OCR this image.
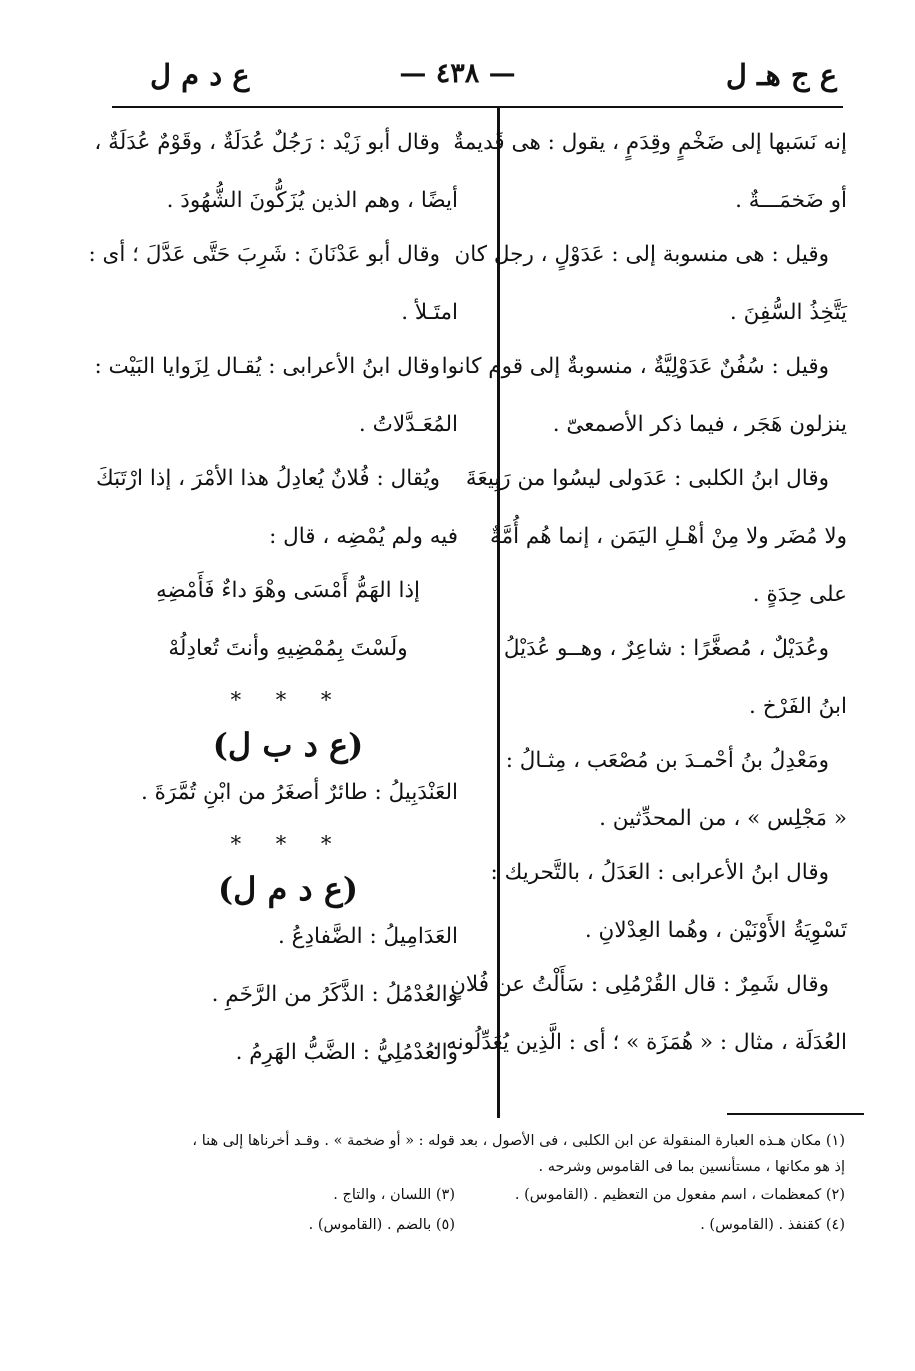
ع ج هـ ل
— ٤٣٨ —
ع د م ل
إنه نَسَبها إلى ضَخْمٍ وقِدَمٍ ، يقول : هى قَديمةٌ
أو ضَخمَـــةٌ .
وقيل : هى منسوبة إلى : عَدَوْلٍ ، رجل كان
يَتَّخِذُ السُّفِنَ .
وقيل : سُفُنٌ عَدَوْلِيَّةٌ ، منسوبةٌ إلى قوم كانوا
ينزلون هَجَر ، فيما ذكر الأصمعىّ .
وقال ابنُ الكلبى : عَدَولى ليسُوا من رَبِيعَةَ
ولا مُضَر ولا مِنْ أهْـلِ اليَمَن ، إنما هُم أُمَّةٌ
على حِدَةٍ .
وعُدَيْلٌ ، مُصغَّرًا : شاعِرٌ ، وهــو عُدَيْلُ
ابنُ الفَرْخ .
ومَعْدِلُ بنُ أحْمـدَ بن مُصْعَب ، مِثـالُ :
« مَجْلِس » ، من المحدِّثين .
وقال ابنُ الأعرابى : العَدَلُ ، بالتَّحريك :
تَسْوِيَةُ الأَوْنَيْن ، وهُما العِدْلانِ .
وقال شَمِرٌ : قال القُرْمُلِى : سَأَلْتُ عن فُلانٍ
العُدَلَة ، مثال : « هُمَزَة » ؛ أى : الَّذِين يُعَدِّلُونه .
وقال أبو زَيْد : رَجُلٌ عُدَلَةٌ ، وقَوْمٌ عُدَلَةٌ ،
أيضًا ، وهم الذين يُزَكُّونَ الشُّهُودَ .
وقال أبو عَدْنَانَ : شَرِبَ حَتَّى عَدَّلَ ؛ أى :
امتَـلأ .
وقال ابنُ الأعرابى : يُقـال لِزَوايا البَيْت :
المُعَـدَّلاتُ .
ويُقال : فُلانٌ يُعادِلُ هذا الأمْرَ ، إذا ارْتَبَكَ
فيه ولم يُمْضِه ، قال :
إذا الهَمُّ أَمْسَى وهْوَ داءٌ فَأَمْضِهِ
ولَسْتَ بِمُمْضِيهِ وأنتَ تُعادِلُهْ
* * *
(ع د ب ل)
العَنْدَبِيلُ : طائرٌ أصغَرُ من ابْنِ تُمَّرَةَ .
* * *
(ع د م ل)
العَدَامِيلُ : الضَّفادِعُ .
والعُدْمُلُ : الذَّكَرُ من الرَّخَمِ .
والعُدْمُلِيُّ : الضَّبُّ الهَرِمُ .
(١) مكان هـذه العبارة المنقولة عن ابن الكلبى ، فى الأصول ، بعد قوله : « أو ضخمة » . وقـد أخرناها إلى هنا ،
إذ هو مكانها ، مستأنسين بما فى القاموس وشرحه .
(٢) كمعظمات ، اسم مفعول من التعظيم . (القاموس) .
(٣) اللسان ، والتاج .
(٤) كقنفذ . (القاموس) .
(٥) بالضم . (القاموس) .
